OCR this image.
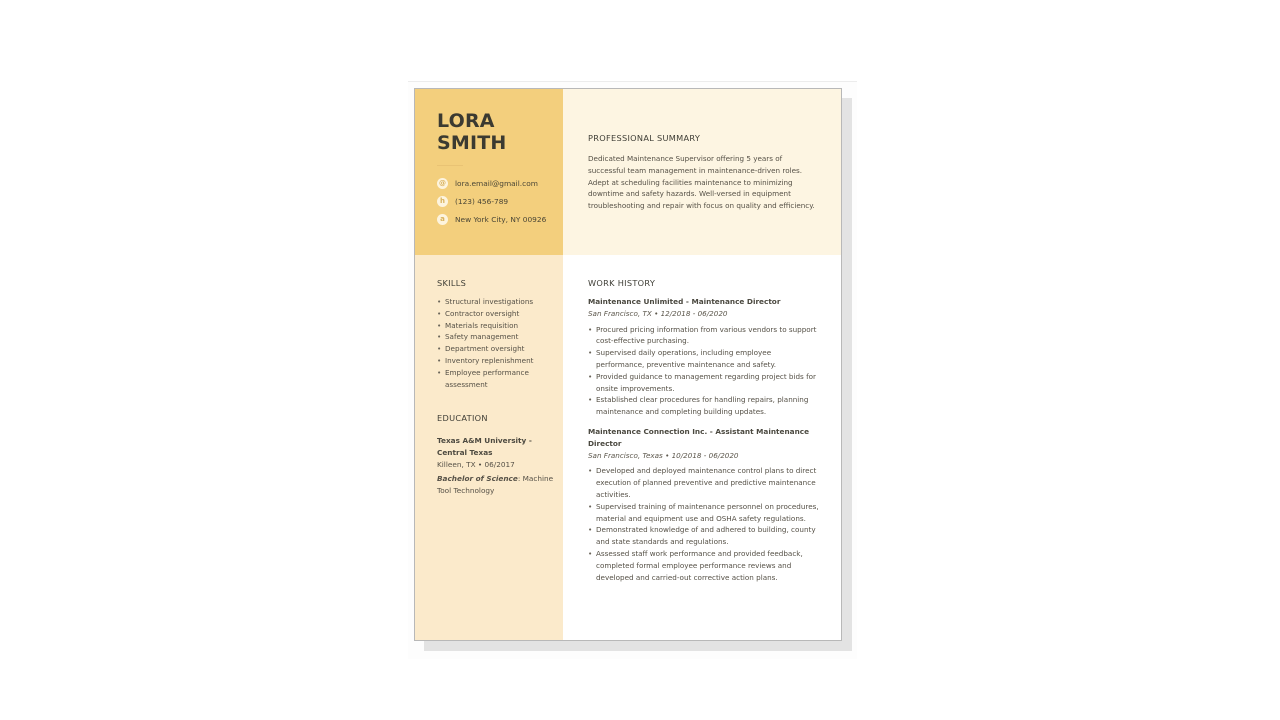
LORA
SMITH
@ lora.email@gmail.com
h	(123) 456-789
a	New York City, NY 00926
PROFESSIONAL SUMMARY
Dedicated Maintenance Supervisor offering 5 years of successful team management in maintenance-driven roles. Adept at scheduling facilities maintenance to minimizing downtime and safety hazards. Well-versed in equipment troubleshooting and repair with focus on quality and efficiency.
SKILLS
• Structural investigations
• Contractor oversight
• Materials requisition
• Safety management
• Department oversight
• Inventory replenishment
• Employee performance assessment
EDUCATION
Texas A&M University - Central Texas
Killeen, TX • 06/2017
Bachelor of Science: Machine Tool Technology
WORK HISTORY
Maintenance Unlimited - Maintenance Director
San Francisco, TX • 12/2018 - 06/2020
• Procured pricing information from various vendors to support cost-effective purchasing.
• Supervised daily operations, including employee performance, preventive maintenance and safety.
• Provided guidance to management regarding project bids for onsite improvements.
• Established clear procedures for handling repairs, planning maintenance and completing building updates.
Maintenance Connection Inc. - Assistant Maintenance Director
San Francisco, Texas • 10/2018 - 06/2020
• Developed and deployed maintenance control plans to direct execution of planned preventive and predictive maintenance activities.
• Supervised training of maintenance personnel on procedures, material and equipment use and OSHA safety regulations.
• Demonstrated knowledge of and adhered to building, county and state standards and regulations.
• Assessed staff work performance and provided feedback, completed formal employee performance reviews and developed and carried-out corrective action plans.
